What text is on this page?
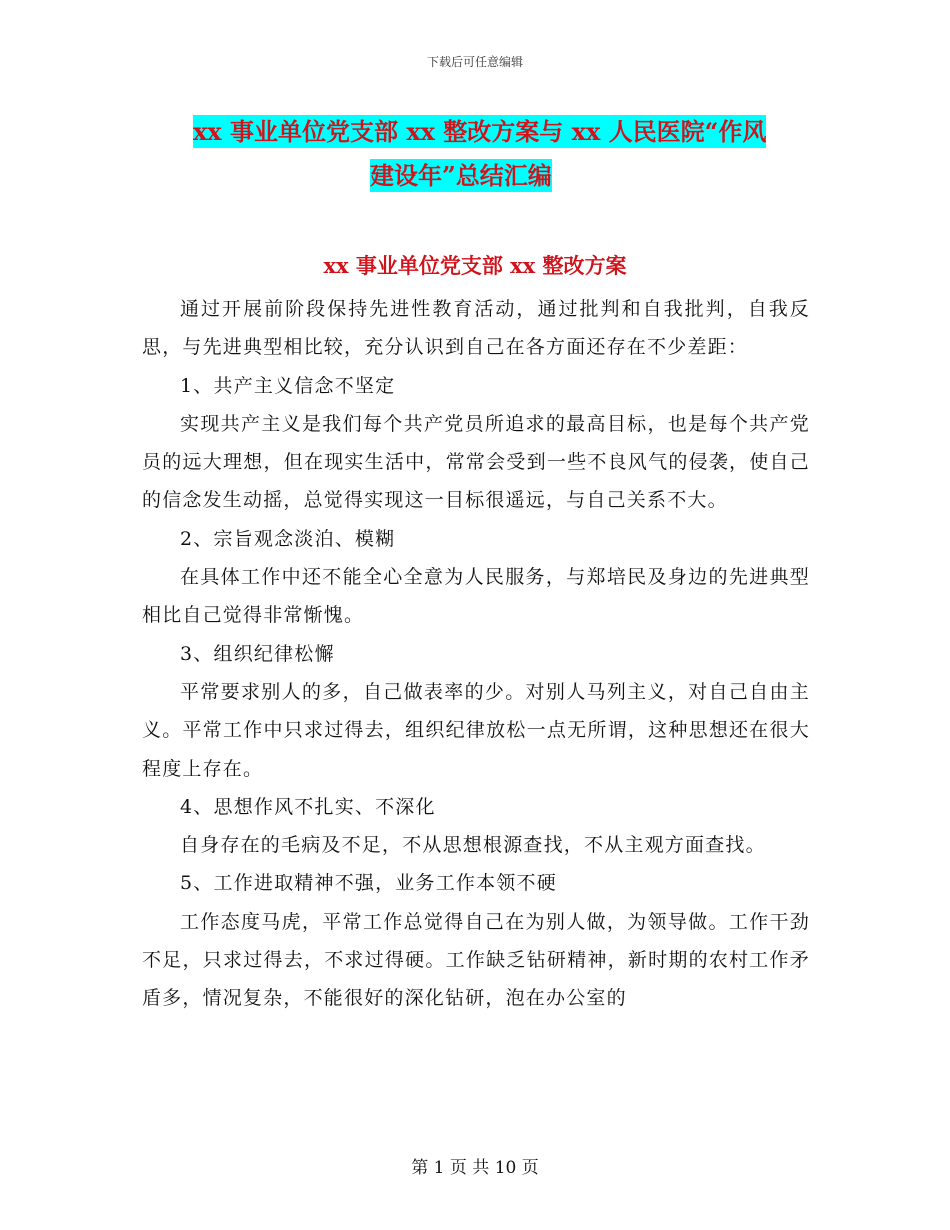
下载后可任意编辑
xx 事业单位党支部 xx 整改方案与 xx 人民医院“作风
建设年”总结汇编
xx 事业单位党支部 xx 整改方案

通过开展前阶段保持先进性教育活动，通过批判和自我批判，自我反思，与先进典型相比较，充分认识到自己在各方面还存在不少差距：

1、共产主义信念不坚定

实现共产主义是我们每个共产党员所追求的最高目标，也是每个共产党员的远大理想，但在现实生活中，常常会受到一些不良风气的侵袭，使自己的信念发生动摇，总觉得实现这一目标很遥远，与自己关系不大。

2、宗旨观念淡泊、模糊

在具体工作中还不能全心全意为人民服务，与郑培民及身边的先进典型相比自己觉得非常惭愧。

3、组织纪律松懈

平常要求别人的多，自己做表率的少。对别人马列主义，对自己自由主义。平常工作中只求过得去，组织纪律放松一点无所谓，这种思想还在很大程度上存在。

4、思想作风不扎实、不深化

自身存在的毛病及不足，不从思想根源查找，不从主观方面查找。

5、工作进取精神不强，业务工作本领不硬

工作态度马虎，平常工作总觉得自己在为别人做，为领导做。工作干劲不足，只求过得去，不求过得硬。工作缺乏钻研精神，新时期的农村工作矛盾多，情况复杂，不能很好的深化钻研，泡在办公室的

第 1 页 共 10 页
